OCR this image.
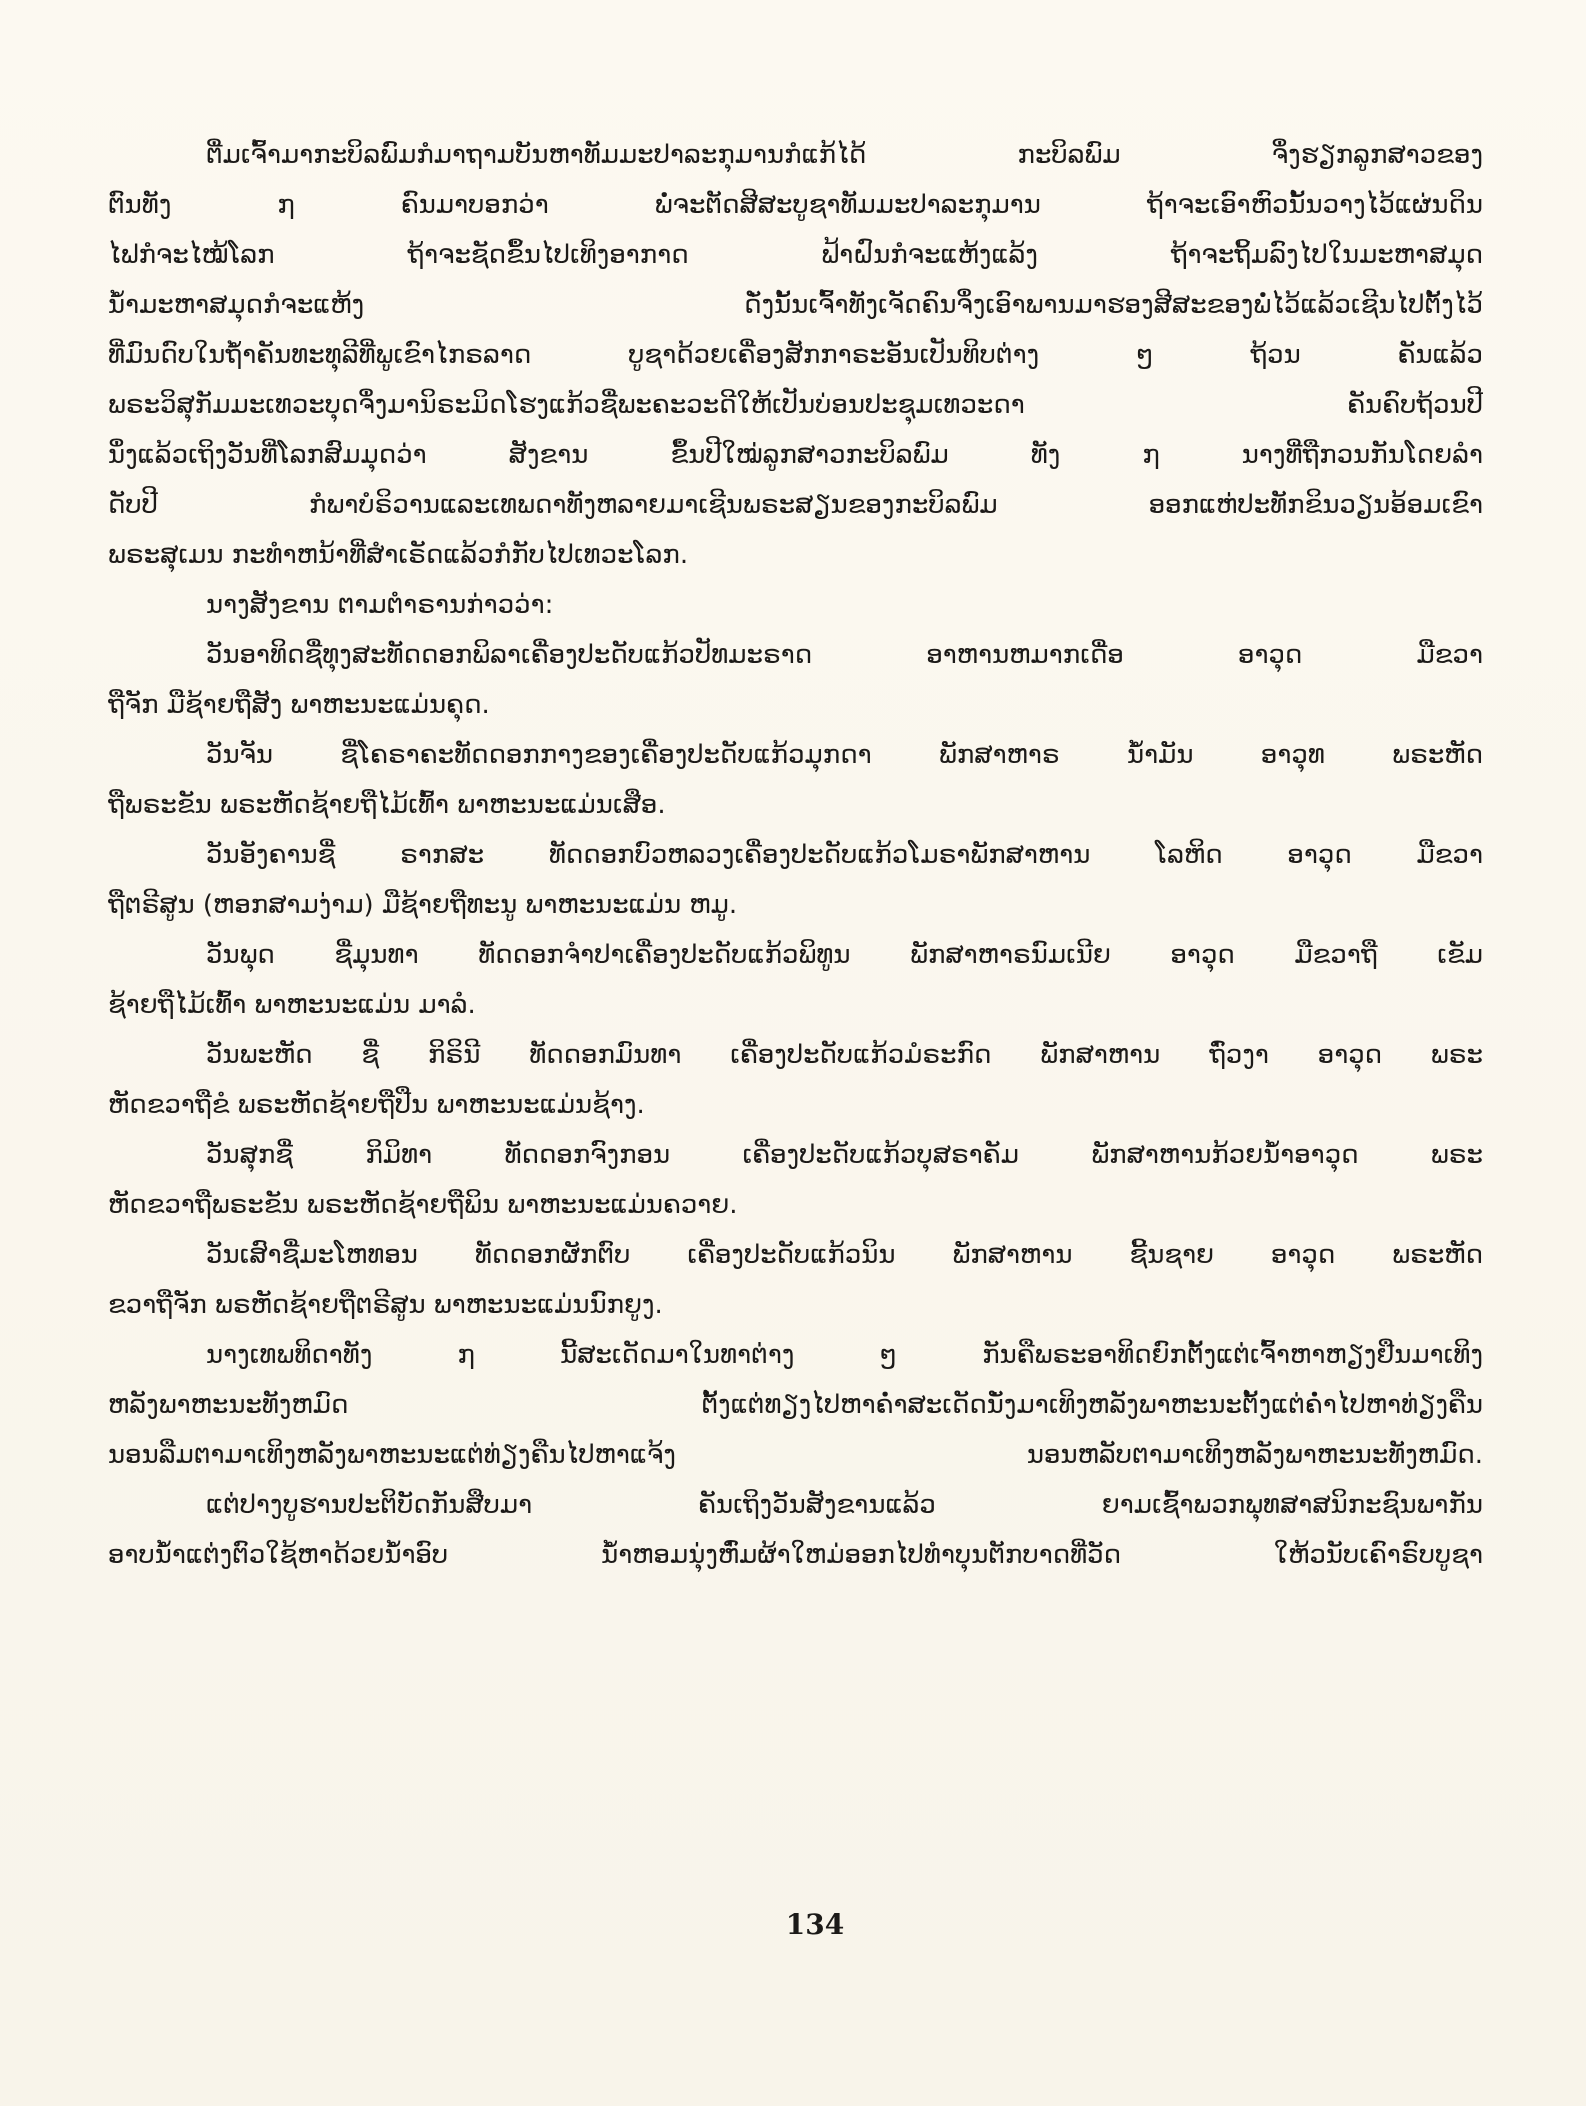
ຕື່ມເຈົ້າມາກະບິລພົມກໍມາຖາມບັນຫາທັມມະປາລະກຸມານກໍແກ້ໄດ້ ກະບິລພົມ ຈຶ່ງຮຽກລູກສາວຂອງ
ຕົນທັງ ໗ ຄົນມາບອກວ່າ ພໍ່ຈະຕັດສີສະບູຊາທັມມະປາລະກຸມານ ຖ້າຈະເອົາຫົວນັ້ນວາງໄວ້ແຜ່ນດິນ
ໄຟກໍຈະໄໝ້ໂລກ ຖ້າຈະຊັດຂຶ້ນໄປເທິງອາກາດ ຟ້າຝົນກໍຈະແຫ້ງແລ້ງ ຖ້າຈະຖິ້ມລົງໄປໃນມະຫາສມຸດ
ນ້ຳມະຫາສມຸດກໍຈະແຫ້ງ ດັ່ງນັ້ນເຈົ້າທັງເຈັດຄົນຈຶ່ງເອົາພານມາຮອງສີສະຂອງພໍ່ໄວ້ແລ້ວເຊີນໄປຕັ້ງໄວ້
ທີ່ມົນດົບໃນຖ້ຳຄັນທະທຸລີທີ່ພູເຂົາໄກຣລາດ ບູຊາດ້ວຍເຄື່ອງສັກກາຣະອັນເປັນທິບຕ່າງ ໆ ຖ້ວນ ຄັນແລ້ວ
ພຣະວິສຸກັມມະເທວະບຸດຈຶ່ງມານິຣະມິດໂຮງແກ້ວຊື່ພະຄະວະດີໃຫ້ເປັນບ່ອນປະຊຸມເທວະດາ ຄັນຄົບຖ້ວນປີ
ນຶ່ງແລ້ວເຖິງວັນທີ່ໂລກສົມມຸດວ່າ ສັງຂານ ຂຶ້ນປີໃໝ່ລູກສາວກະບິລພົມ ທັງ ໗ ນາງທີ່ຖືກວນກັນໂດຍລຳ
ດັບປີ ກໍພາບໍຣິວານແລະເທພດາທັງຫລາຍມາເຊີນພຣະສຽນຂອງກະບິລພົມ ອອກແຫ່ປະທັກຂິນວຽນອ້ອມເຂົາ
ພຣະສຸເມນ ກະທຳຫນ້າທີ່ສຳເຣັດແລ້ວກໍກັບໄປເທວະໂລກ.
ນາງສັງຂານ ຕາມຕຳຣານກ່າວວ່າ:
ວັນອາທິດຊື່ທຸງສະທັດດອກພິລາເຄື່ອງປະດັບແກ້ວປັທມະຣາດ ອາຫານຫມາກເດື່ອ ອາວຸດ ມືຂວາ
ຖືຈັກ ມືຊ້າຍຖືສັງ ພາຫະນະແມ່ນຄຸດ.
ວັນຈັນ ຊື່ໂຄຣາຄະທັດດອກກາງຂອງເຄື່ອງປະດັບແກ້ວມຸກດາ ພັກສາຫາຣ ນ້ຳມັນ ອາວຸທ ພຣະຫັດ
ຖືພຣະຂັນ ພຣະຫັດຊ້າຍຖືໄມ້ເທົ້າ ພາຫະນະແມ່ນເສືອ.
ວັນອັງຄານຊື່ ຣາກສະ ທັດດອກບົວຫລວງເຄື່ອງປະດັບແກ້ວໂມຣາພັກສາຫານ ໂລຫິດ ອາວຸດ ມືຂວາ
ຖືຕຣີສູນ (ຫອກສາມງ່າມ) ມືຊ້າຍຖືທະນູ ພາຫະນະແມ່ນ ຫມູ.
ວັນພຸດ ຊື່ມຸນທາ ທັດດອກຈຳປາເຄື່ອງປະດັບແກ້ວພິທູນ ພັກສາຫາຣນົມເນີຍ ອາວຸດ ມືຂວາຖື ເຂັມ
ຊ້າຍຖືໄມ້ເທົ້າ ພາຫະນະແມ່ນ ມາລໍ.
ວັນພະຫັດ ຊື່ ກິຣິນີ ທັດດອກມົນທາ ເຄື່ອງປະດັບແກ້ວມໍຣະກົດ ພັກສາຫານ ຖົ່ວງາ ອາວຸດ ພຣະ
ຫັດຂວາຖືຂໍ ພຣະຫັດຊ້າຍຖືປືນ ພາຫະນະແມ່ນຊ້າງ.
ວັນສຸກຊື່ ກິມິທາ ທັດດອກຈົງກອນ ເຄື່ອງປະດັບແກ້ວບຸສຣາຄັມ ພັກສາຫານກ້ວຍນ້ຳອາວຸດ ພຣະ
ຫັດຂວາຖືພຣະຂັນ ພຣະຫັດຊ້າຍຖືພິນ ພາຫະນະແມ່ນຄວາຍ.
ວັນເສົາຊື່ມະໂຫທອນ ທັດດອກຜັກຕົບ ເຄື່ອງປະດັບແກ້ວນິນ ພັກສາຫານ ຊີ້ນຊາຍ ອາວຸດ ພຣະຫັດ
ຂວາຖືຈັກ ພຣຫັດຊ້າຍຖືຕຣີສູນ ພາຫະນະແມ່ນນົກຍູງ.
ນາງເທພທິດາທັງ ໗ ນີ້ສະເດັດມາໃນທາຕ່າງ ໆ ກັນຄືພຣະອາທິດຍົກຕັ້ງແຕ່ເຈົ້າຫາຫຽງຢືນມາເທິງ
ຫລັງພາຫະນະທັງຫມົດ ຕັ້ງແຕ່ທຽງໄປຫາຄ່ຳສະເດັດນັ່ງມາເທິງຫລັງພາຫະນະຕັ້ງແຕ່ຄ່ຳໄປຫາທ່ຽງຄືນ
ນອນລືມຕາມາເທິງຫລັງພາຫະນະແຕ່ທ່ຽງຄືນໄປຫາແຈ້ງ ນອນຫລັບຕາມາເທິງຫລັງພາຫະນະທັງຫມົດ.
ແຕ່ປາງບູຮານປະຕິບັດກັນສືບມາ ຄັນເຖິງວັນສັງຂານແລ້ວ ຍາມເຊົ້າພວກພຸທສາສນິກະຊົນພາກັນ
ອາບນ້ຳແຕ່ງຕົວໃຊ້ຫາດ້ວຍນ້ຳອົບ ນ້ຳຫອມນຸ່ງຫົ່ມຜ້າໃຫມ່ອອກໄປທຳບຸນຕັກບາດທີ່ວັດ ໃຫ້ວນັບເຄົາຣົບບູຊາ
134
